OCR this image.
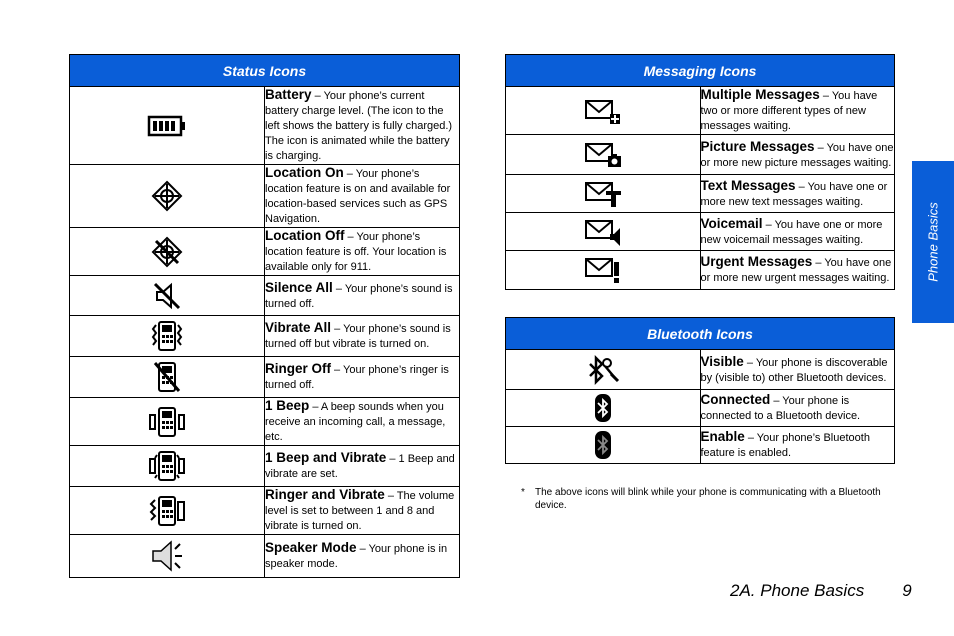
Status Icons	

	Battery – Your phone’s current battery charge level. (The icon to the left shows the battery is fully charged.) The icon is animated while the battery is charging.

	Location On – Your phone’s location feature is on and available for location-based services such as GPS Navigation.

	Location Off – Your phone’s location feature is off. Your location is available only for 911.

	Silence All – Your phone’s sound is turned off.

	Vibrate All – Your phone’s sound is turned off but vibrate is turned on.

	Ringer Off – Your phone’s ringer is turned off.

	1 Beep – A beep sounds when you receive an incoming call, a message, etc.

	1 Beep and Vibrate – 1 Beep and vibrate are set.

	Ringer and Vibrate – The volume level is set to between 1 and 8 and vibrate is turned on.

	Speaker Mode – Your phone is in speaker mode.
Messaging Icons	

	Multiple Messages – You have two or more different types of new messages waiting.

	Picture Messages – You have one or more new picture messages waiting.

	Text Messages – You have one or more new text messages waiting.

	Voicemail – You have one or more new voicemail messages waiting.

	Urgent Messages – You have one or more new urgent messages waiting.
Bluetooth Icons	

	Visible – Your phone is discoverable by (visible to) other Bluetooth devices.

	Connected – Your phone is connected to a Bluetooth device.

	Enable – Your phone’s Bluetooth feature is enabled.
* The above icons will blink while your phone is communicating with a Bluetooth device.
Phone Basics
2A. Phone Basics 9
